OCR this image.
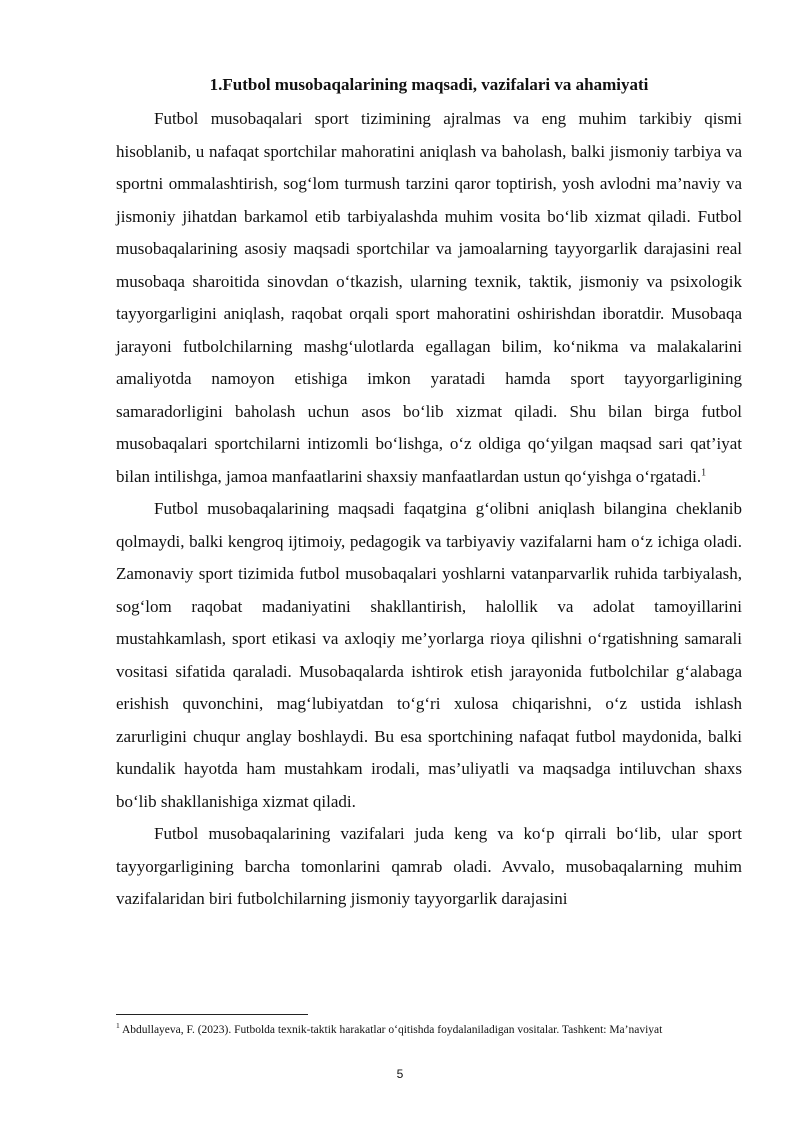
1.Futbol musobaqalarining maqsadi, vazifalari va ahamiyati

Futbol musobaqalari sport tizimining ajralmas va eng muhim tarkibiy qismi hisoblanib, u nafaqat sportchilar mahoratini aniqlash va baholash, balki jismoniy tarbiya va sportni ommalashtirish, sog‘lom turmush tarzini qaror toptirish, yosh avlodni ma’naviy va jismoniy jihatdan barkamol etib tarbiyalashda muhim vosita bo‘lib xizmat qiladi. Futbol musobaqalarining asosiy maqsadi sportchilar va jamoalarning tayyorgarlik darajasini real musobaqa sharoitida sinovdan o‘tkazish, ularning texnik, taktik, jismoniy va psixologik tayyorgarligini aniqlash, raqobat orqali sport mahoratini oshirishdan iboratdir. Musobaqa jarayoni futbolchilarning mashg‘ulotlarda egallagan bilim, ko‘nikma va malakalarini amaliyotda namoyon etishiga imkon yaratadi hamda sport tayyorgarligining samaradorligini baholash uchun asos bo‘lib xizmat qiladi. Shu bilan birga futbol musobaqalari sportchilarni intizomli bo‘lishga, o‘z oldiga qo‘yilgan maqsad sari qat’iyat bilan intilishga, jamoa manfaatlarini shaxsiy manfaatlardan ustun qo‘yishga o‘rgatadi.$^1$

Futbol musobaqalarining maqsadi faqatgina g‘olibni aniqlash bilangina cheklanib qolmaydi, balki kengroq ijtimoiy, pedagogik va tarbiyaviy vazifalarni ham o‘z ichiga oladi. Zamonaviy sport tizimida futbol musobaqalari yoshlarni vatanparvarlik ruhida tarbiyalash, sog‘lom raqobat madaniyatini shakllantirish, halollik va adolat tamoyillarini mustahkamlash, sport etikasi va axloqiy me’yorlarga rioya qilishni o‘rgatishning samarali vositasi sifatida qaraladi. Musobaqalarda ishtirok etish jarayonida futbolchilar g‘alabaga erishish quvonchini, mag‘lubiyatdan to‘g‘ri xulosa chiqarishni, o‘z ustida ishlash zarurligini chuqur anglay boshlaydi. Bu esa sportchining nafaqat futbol maydonida, balki kundalik hayotda ham mustahkam irodali, mas’uliyatli va maqsadga intiluvchan shaxs bo‘lib shakllanishiga xizmat qiladi.

Futbol musobaqalarining vazifalari juda keng va ko‘p qirrali bo‘lib, ular sport tayyorgarligining barcha tomonlarini qamrab oladi. Avvalo, musobaqalarning muhim vazifalaridan biri futbolchilarning jismoniy tayyorgarlik darajasini

$^1$ Abdullayeva, F. (2023). Futbolda texnik-taktik harakatlar o‘qitishda foydalaniladigan vositalar. Tashkent: Ma’naviyat

5
